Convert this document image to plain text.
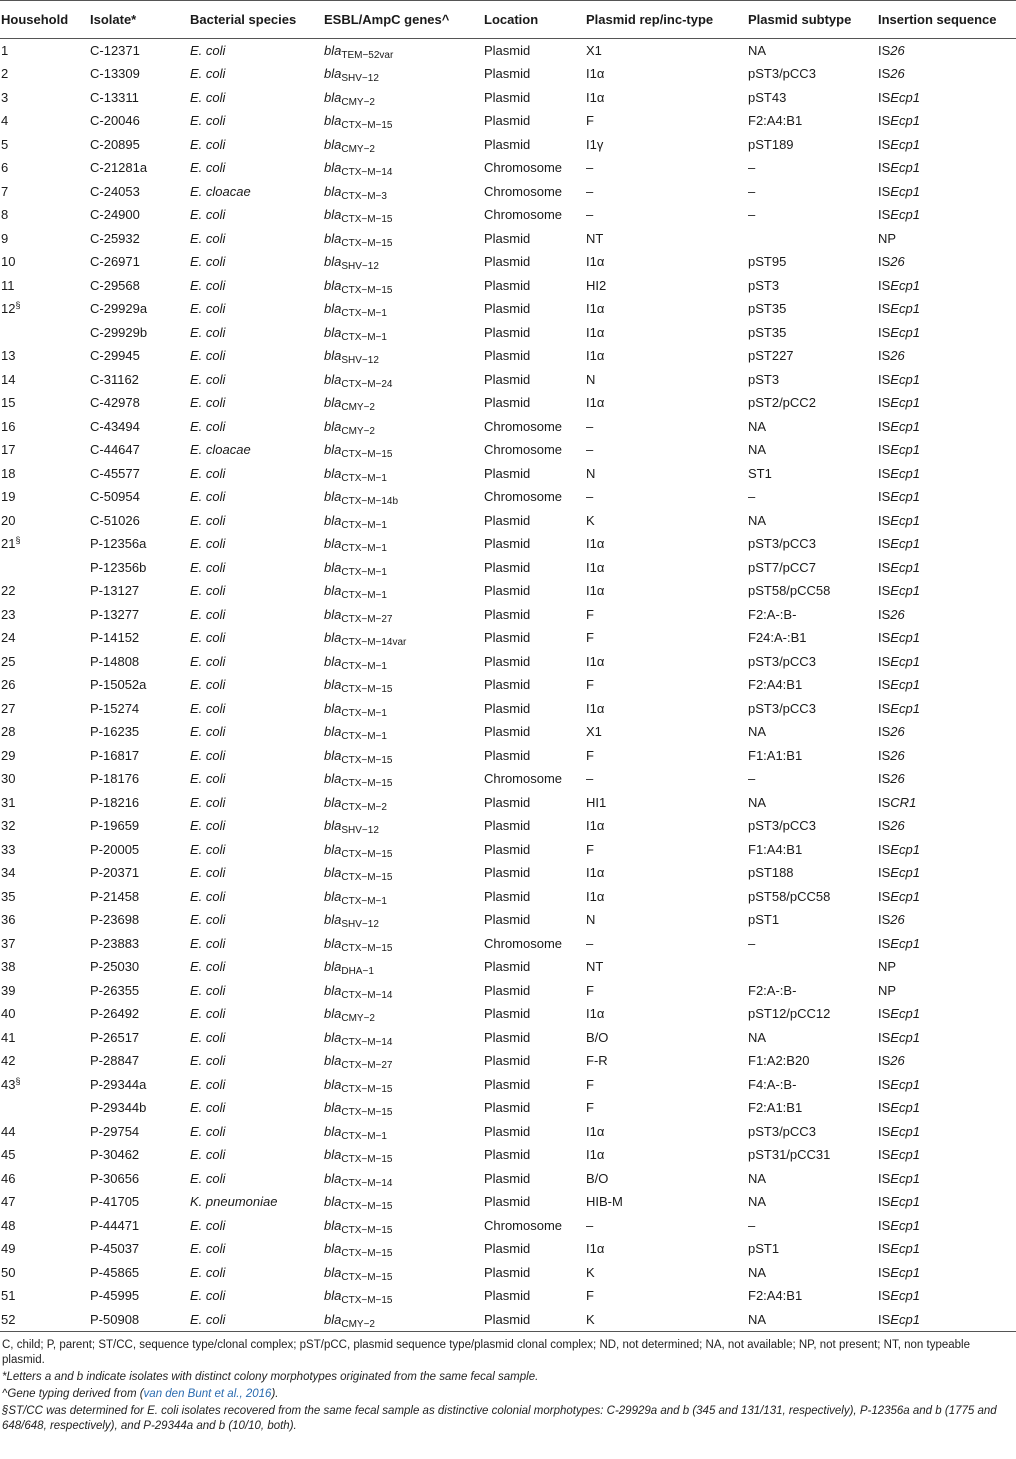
Household	Isolate*	Bacterial species	ESBL/AmpC genes^	Location	Plasmid rep/inc-type	Plasmid subtype	Insertion sequence
1	C-12371	E. coli	bla$_{TEM-52var}$	Plasmid	X1	NA	IS26
2	C-13309	E. coli	bla$_{SHV-12}$	Plasmid	I1α	pST3/pCC3	IS26
3	C-13311	E. coli	bla$_{CMY-2}$	Plasmid	I1α	pST43	ISEcp1
4	C-20046	E. coli	bla$_{CTX-M-15}$	Plasmid	F	F2:A4:B1	ISEcp1
5	C-20895	E. coli	bla$_{CMY-2}$	Plasmid	I1γ	pST189	ISEcp1
6	C-21281a	E. coli	bla$_{CTX-M-14}$	Chromosome	–	–	ISEcp1
7	C-24053	E. cloacae	bla$_{CTX-M-3}$	Chromosome	–	–	ISEcp1
8	C-24900	E. coli	bla$_{CTX-M-15}$	Chromosome	–	–	ISEcp1
9	C-25932	E. coli	bla$_{CTX-M-15}$	Plasmid	NT		NP
10	C-26971	E. coli	bla$_{SHV-12}$	Plasmid	I1α	pST95	IS26
11	C-29568	E. coli	bla$_{CTX-M-15}$	Plasmid	HI2	pST3	ISEcp1
12§	C-29929a	E. coli	bla$_{CTX-M-1}$	Plasmid	I1α	pST35	ISEcp1
	C-29929b	E. coli	bla$_{CTX-M-1}$	Plasmid	I1α	pST35	ISEcp1
13	C-29945	E. coli	bla$_{SHV-12}$	Plasmid	I1α	pST227	IS26
14	C-31162	E. coli	bla$_{CTX-M-24}$	Plasmid	N	pST3	ISEcp1
15	C-42978	E. coli	bla$_{CMY-2}$	Plasmid	I1α	pST2/pCC2	ISEcp1
16	C-43494	E. coli	bla$_{CMY-2}$	Chromosome	–	NA	ISEcp1
17	C-44647	E. cloacae	bla$_{CTX-M-15}$	Chromosome	–	NA	ISEcp1
18	C-45577	E. coli	bla$_{CTX-M-1}$	Plasmid	N	ST1	ISEcp1
19	C-50954	E. coli	bla$_{CTX-M-14b}$	Chromosome	–	–	ISEcp1
20	C-51026	E. coli	bla$_{CTX-M-1}$	Plasmid	K	NA	ISEcp1
21§	P-12356a	E. coli	bla$_{CTX-M-1}$	Plasmid	I1α	pST3/pCC3	ISEcp1
	P-12356b	E. coli	bla$_{CTX-M-1}$	Plasmid	I1α	pST7/pCC7	ISEcp1
22	P-13127	E. coli	bla$_{CTX-M-1}$	Plasmid	I1α	pST58/pCC58	ISEcp1
23	P-13277	E. coli	bla$_{CTX-M-27}$	Plasmid	F	F2:A-:B-	IS26
24	P-14152	E. coli	bla$_{CTX-M-14var}$	Plasmid	F	F24:A-:B1	ISEcp1
25	P-14808	E. coli	bla$_{CTX-M-1}$	Plasmid	I1α	pST3/pCC3	ISEcp1
26	P-15052a	E. coli	bla$_{CTX-M-15}$	Plasmid	F	F2:A4:B1	ISEcp1
27	P-15274	E. coli	bla$_{CTX-M-1}$	Plasmid	I1α	pST3/pCC3	ISEcp1
28	P-16235	E. coli	bla$_{CTX-M-1}$	Plasmid	X1	NA	IS26
29	P-16817	E. coli	bla$_{CTX-M-15}$	Plasmid	F	F1:A1:B1	IS26
30	P-18176	E. coli	bla$_{CTX-M-15}$	Chromosome	–	–	IS26
31	P-18216	E. coli	bla$_{CTX-M-2}$	Plasmid	HI1	NA	ISCR1
32	P-19659	E. coli	bla$_{SHV-12}$	Plasmid	I1α	pST3/pCC3	IS26
33	P-20005	E. coli	bla$_{CTX-M-15}$	Plasmid	F	F1:A4:B1	ISEcp1
34	P-20371	E. coli	bla$_{CTX-M-15}$	Plasmid	I1α	pST188	ISEcp1
35	P-21458	E. coli	bla$_{CTX-M-1}$	Plasmid	I1α	pST58/pCC58	ISEcp1
36	P-23698	E. coli	bla$_{SHV-12}$	Plasmid	N	pST1	IS26
37	P-23883	E. coli	bla$_{CTX-M-15}$	Chromosome	–	–	ISEcp1
38	P-25030	E. coli	bla$_{DHA-1}$	Plasmid	NT		NP
39	P-26355	E. coli	bla$_{CTX-M-14}$	Plasmid	F	F2:A-:B-	NP
40	P-26492	E. coli	bla$_{CMY-2}$	Plasmid	I1α	pST12/pCC12	ISEcp1
41	P-26517	E. coli	bla$_{CTX-M-14}$	Plasmid	B/O	NA	ISEcp1
42	P-28847	E. coli	bla$_{CTX-M-27}$	Plasmid	F-R	F1:A2:B20	IS26
43§	P-29344a	E. coli	bla$_{CTX-M-15}$	Plasmid	F	F4:A-:B-	ISEcp1
	P-29344b	E. coli	bla$_{CTX-M-15}$	Plasmid	F	F2:A1:B1	ISEcp1
44	P-29754	E. coli	bla$_{CTX-M-1}$	Plasmid	I1α	pST3/pCC3	ISEcp1
45	P-30462	E. coli	bla$_{CTX-M-15}$	Plasmid	I1α	pST31/pCC31	ISEcp1
46	P-30656	E. coli	bla$_{CTX-M-14}$	Plasmid	B/O	NA	ISEcp1
47	P-41705	K. pneumoniae	bla$_{CTX-M-15}$	Plasmid	HIB-M	NA	ISEcp1
48	P-44471	E. coli	bla$_{CTX-M-15}$	Chromosome	–	–	ISEcp1
49	P-45037	E. coli	bla$_{CTX-M-15}$	Plasmid	I1α	pST1	ISEcp1
50	P-45865	E. coli	bla$_{CTX-M-15}$	Plasmid	K	NA	ISEcp1
51	P-45995	E. coli	bla$_{CTX-M-15}$	Plasmid	F	F2:A4:B1	ISEcp1
52	P-50908	E. coli	bla$_{CMY-2}$	Plasmid	K	NA	ISEcp1

C, child; P, parent; ST/CC, sequence type/clonal complex; pST/pCC, plasmid sequence type/plasmid clonal complex; ND, not determined; NA, not available; NP, not present; NT, non typeable plasmid.

*Letters a and b indicate isolates with distinct colony morphotypes originated from the same fecal sample.

^Gene typing derived from (van den Bunt et al., 2016).

§ST/CC was determined for E. coli isolates recovered from the same fecal sample as distinctive colonial morphotypes: C-29929a and b (345 and 131/131, respectively), P-12356a and b (1775 and 648/648, respectively), and P-29344a and b (10/10, both).
